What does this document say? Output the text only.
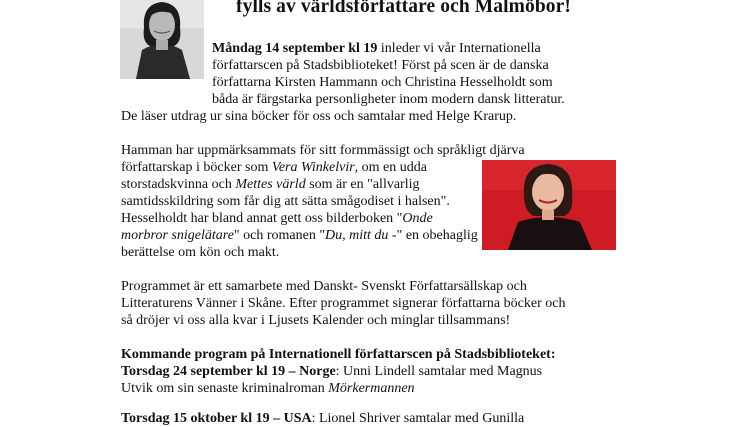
fylls av världsförfattare och Malmöbor!
Måndag 14 september kl 19 inleder vi vår Internationella
författarscen på Stadsbiblioteket! Först på scen är de danska
författarna Kirsten Hammann och Christina Hesselholdt som
båda är färgstarka personligheter inom modern dansk litteratur.
De läser utdrag ur sina böcker för oss och samtalar med Helge Krarup.
Hamman har uppmärksammats för sitt formmässigt och språkligt djärva
författarskap i böcker som Vera Winkelvir, om en udda
storstadskvinna och Mettes värld som är en "allvarlig
samtidsskildring som får dig att sätta smågodiset i halsen".
Hesselholdt har bland annat gett oss bilderboken "Onde
morbror snigelätare" och romanen "Du, mitt du -" en obehaglig
berättelse om kön och makt.
Programmet är ett samarbete med Danskt- Svenskt Författarsällskap och
Litteraturens Vänner i Skåne. Efter programmet signerar författarna böcker och
så dröjer vi oss alla kvar i Ljusets Kalender och minglar tillsammans!
Kommande program på Internationell författarscen på Stadsbiblioteket:
Torsdag 24 september kl 19 – Norge: Unni Lindell samtalar med Magnus
Utvik om sin senaste kriminalroman Mörkermannen
Torsdag 15 oktober kl 19 – USA: Lionel Shriver samtalar med Gunilla
